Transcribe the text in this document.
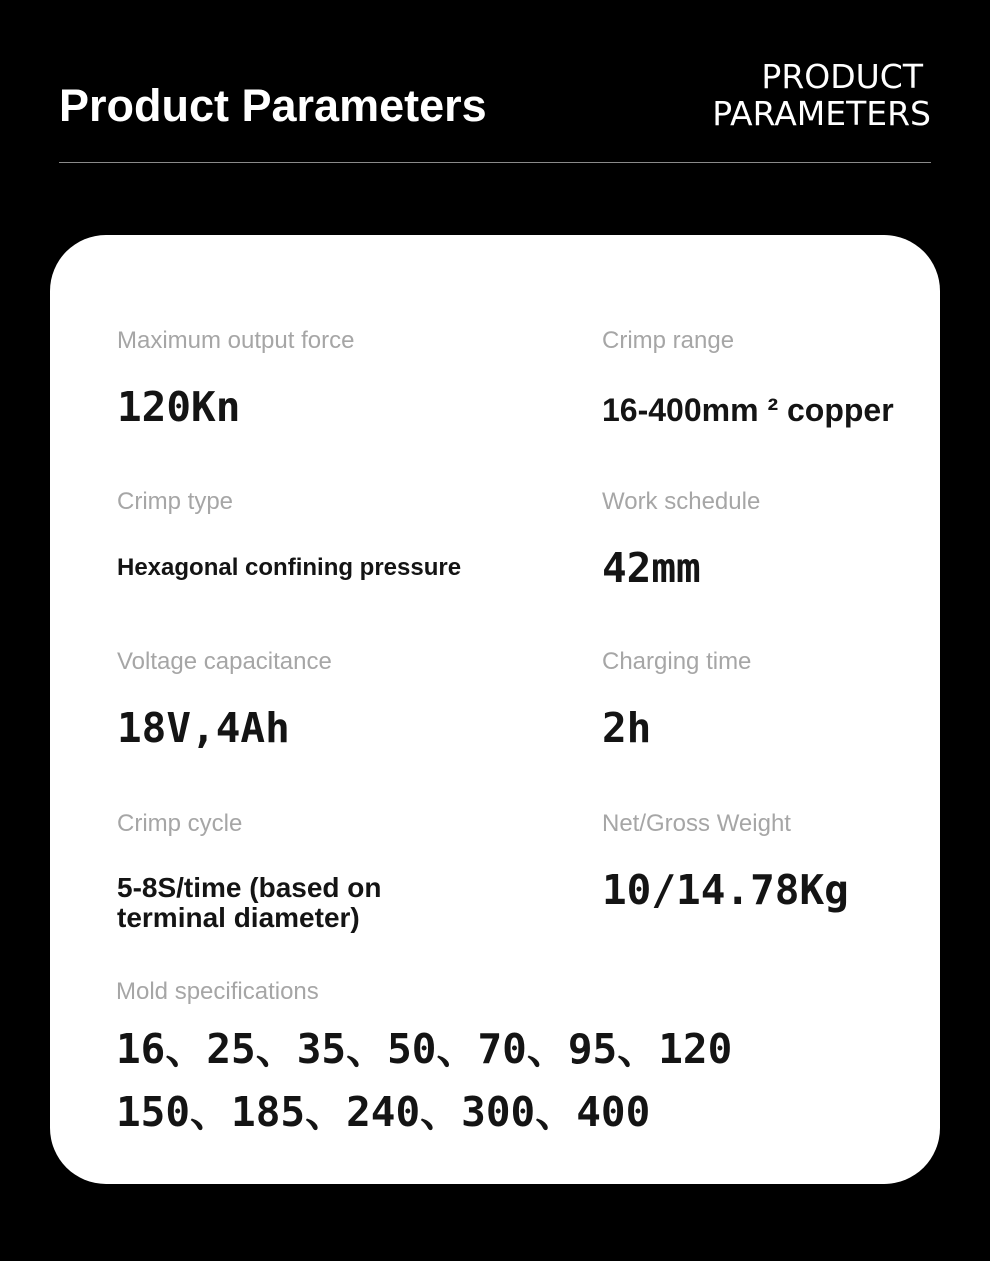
Product Parameters
PRODUCT
PARAMETERS
Maximum output force
120Kn
Crimp range
16-400mm ² copper
Crimp type
Hexagonal confining pressure
Work schedule
42mm
Voltage capacitance
18V,4Ah
Charging time
2h
Crimp cycle
5-8S/time (based on terminal diameter)
Net/Gross Weight
10/14.78Kg
Mold specifications
16、25、35、50、70、95、120
150、185、240、300、400
